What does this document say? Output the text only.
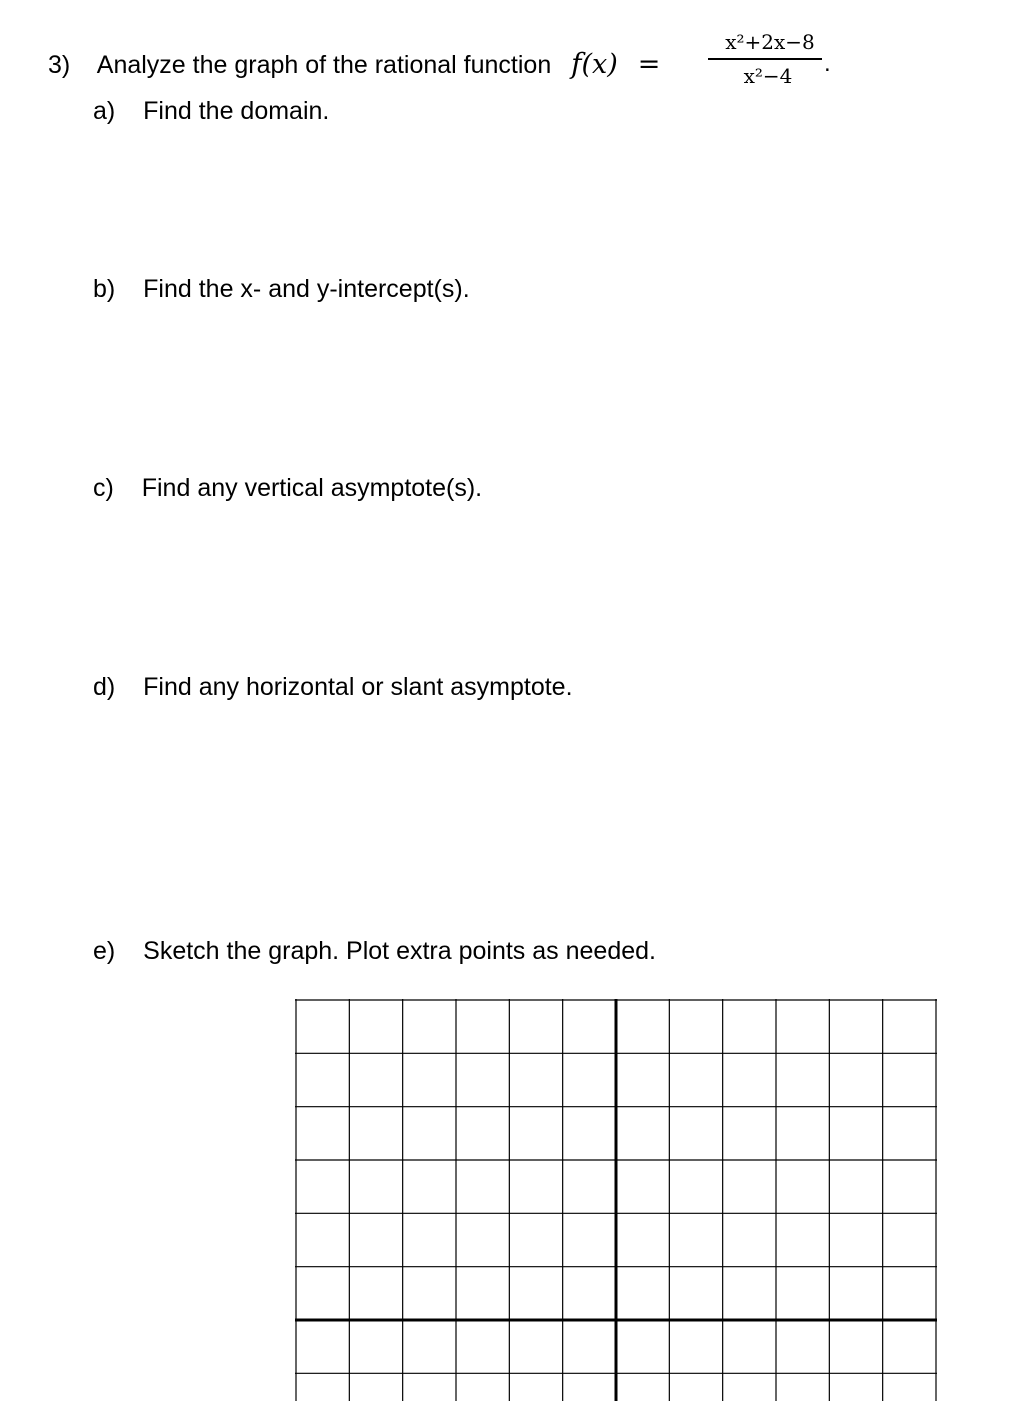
3) Analyze the graph of the rational function f(x) =
x²+2x−8
x²−4	.
a) Find the domain.
b) Find the x- and y-intercept(s).
c) Find any vertical asymptote(s).
d) Find any horizontal or slant asymptote.
e) Sketch the graph. Plot extra points as needed.
